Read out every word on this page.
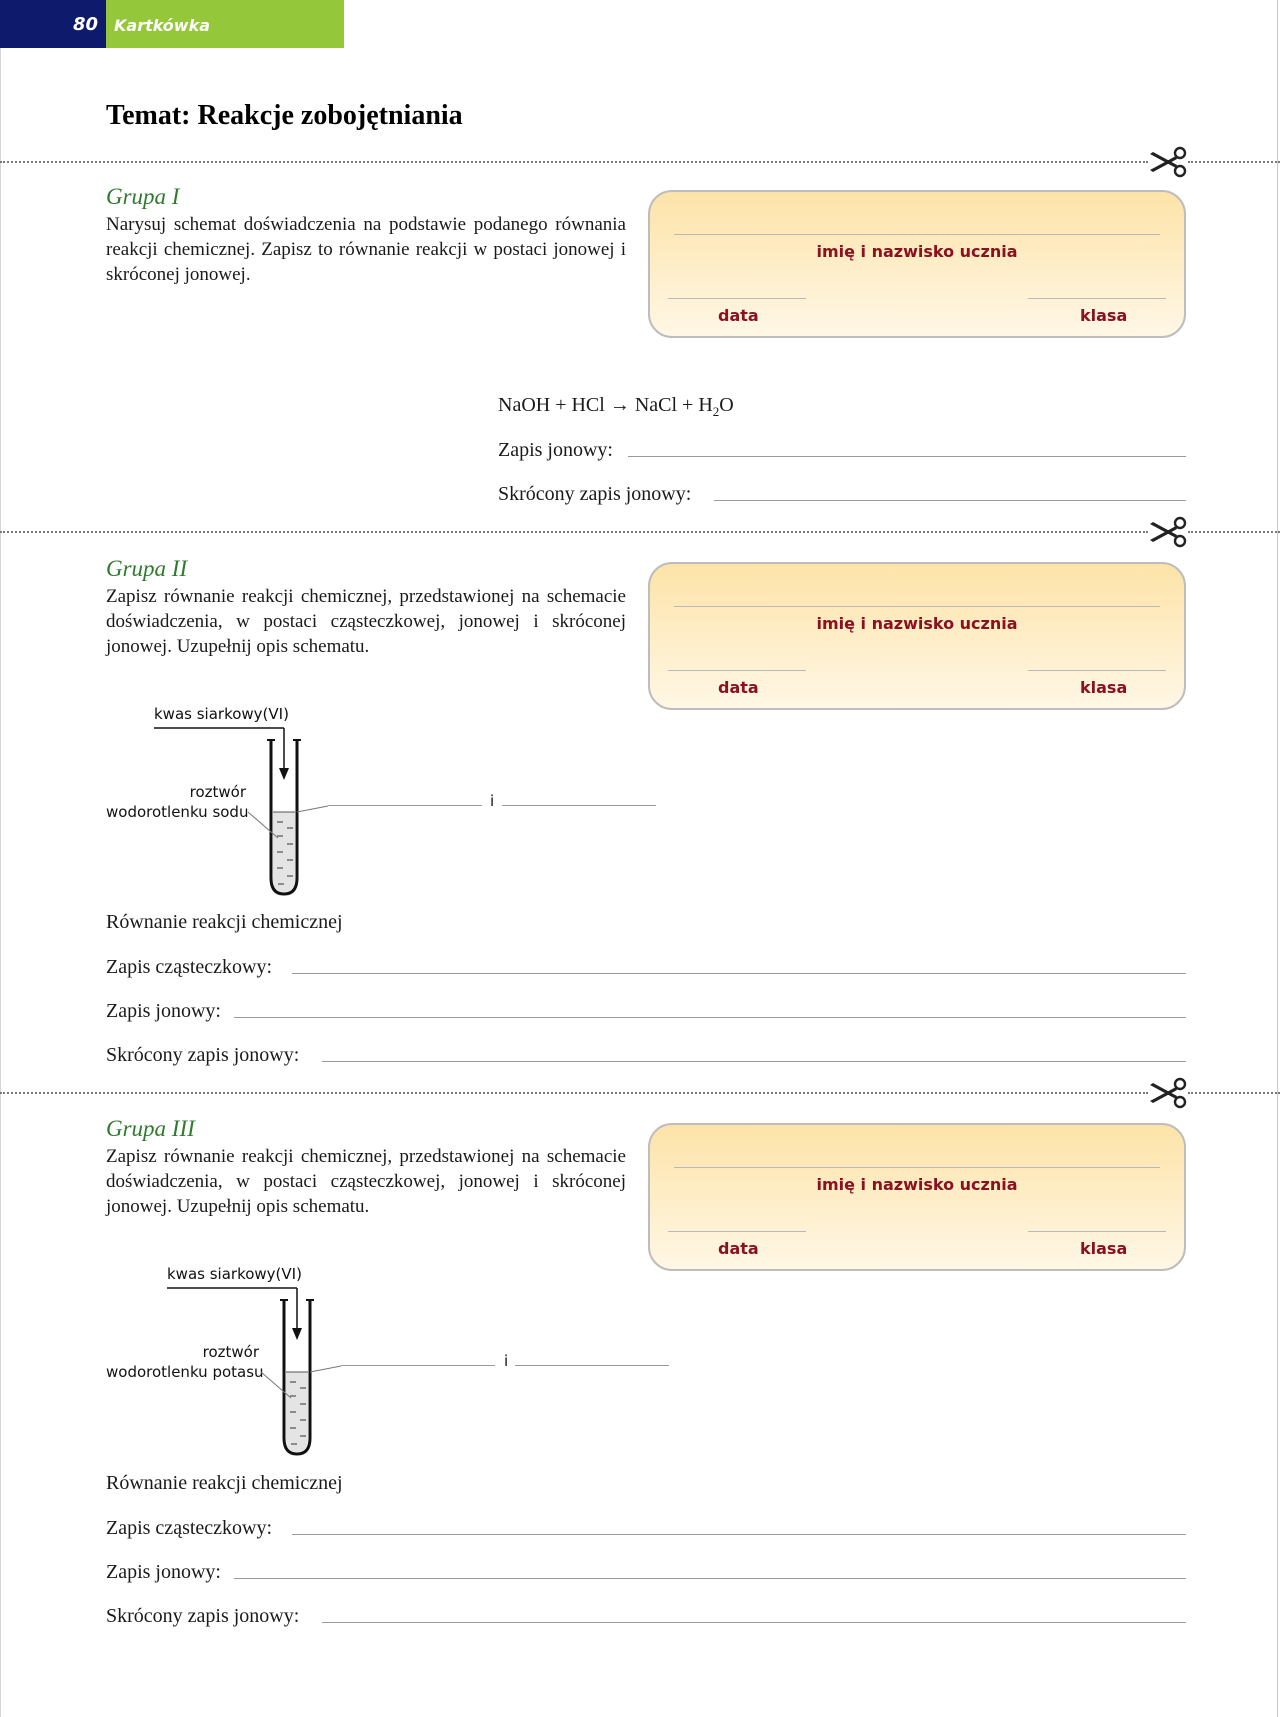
80 Kartkówka
Temat: Reakcje zobojętniania
Grupa I
Narysuj schemat doświadczenia na podstawie podanego równania reakcji chemicznej. Zapisz to równanie reakcji w postaci jonowej i skróconej jonowej.
imię i nazwisko ucznia
data	klasa
NaOH + HCl → NaCl + $H_2O$
Zapis jonowy:
Skrócony zapis jonowy:
Grupa II
Zapisz równanie reakcji chemicznej, przedstawionej na schemacie doświadczenia, w postaci cząsteczkowej, jonowej i skróconej jonowej. Uzupełnij opis schematu.
imię i nazwisko ucznia
data	klasa
kwas siarkowy(VI)
roztwór
wodorotlenku sodu
i
Równanie reakcji chemicznej
Zapis cząsteczkowy:
Zapis jonowy:
Skrócony zapis jonowy:
Grupa III
Zapisz równanie reakcji chemicznej, przedstawionej na schemacie doświadczenia, w postaci cząsteczkowej, jonowej i skróconej jonowej. Uzupełnij opis schematu.
imię i nazwisko ucznia
data	klasa
kwas siarkowy(VI)
roztwór
wodorotlenku potasu
i
Równanie reakcji chemicznej
Zapis cząsteczkowy:
Zapis jonowy:
Skrócony zapis jonowy:
